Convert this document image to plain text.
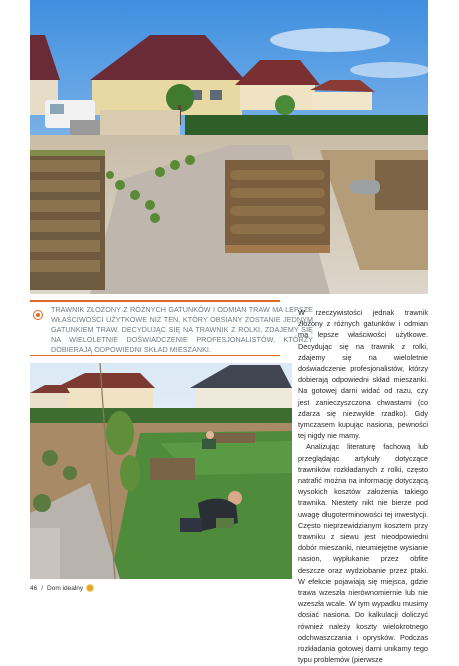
TRAWNIK ZŁOŻONY Z RÓŻNYCH GATUNKÓW I ODMIAN TRAW MA LEPSZE WŁAŚCIWOŚCI UŻYTKOWE NIŻ TEN, KTÓRY OBSIANY ZOSTANIE JEDNYM GATUNKIEM TRAW. DECYDUJĄC SIĘ NA TRAWNIK Z ROLKI, ZDAJEMY SIĘ NA WIELOLETNIE DOŚWIADCZENIE PROFESJONALISTÓW, KTÓRZY DOBIERAJĄ ODPOWIEDNI SKŁAD MIESZANKI.

W rzeczywistości jednak trawnik złożony z różnych gatunków i odmian ma lepsze właściwości użytkowe. Decydując się na trawnik z rolki, zdajemy się na wieloletnie doświadczenie profesjonalistów, którzy dobierają odpowiedni skład mieszanki. Na gotowej darni widać od razu, czy jest zanieczyszczona chwastami (co zdarza się niezwykle rzadko). Gdy tymczasem kupując nasiona, pewności tej nigdy nie mamy.

Analizując literaturę fachową lub przeglądając artykuły dotyczące trawników rozkładanych z rolki, często natrafić można na informację dotyczącą wysokich kosztów założenia takiego trawnika. Niestety nikt nie bierze pod uwagę długoterminowości tej inwestycji. Często nieprzewidzianym kosztem przy trawniku z siewu jest nieodpowiedni dobór mieszanki, nieumiejętne wysianie nasion, wypłukanie przez obfite deszcze oraz wydziobanie przez ptaki. W efekcie pojawiają się miejsca, gdzie trawa wzeszła nierównomiernie lub nie wzeszła wcale. W tym wypadku musimy dosiać nasiona. Do kalkulacji doliczyć również należy koszty wielokrotnego odchwaszczania i oprysków. Podczas rozkładania gotowej darni unikamy tego typu problemów (pierwsze

46 / Dom idealny
